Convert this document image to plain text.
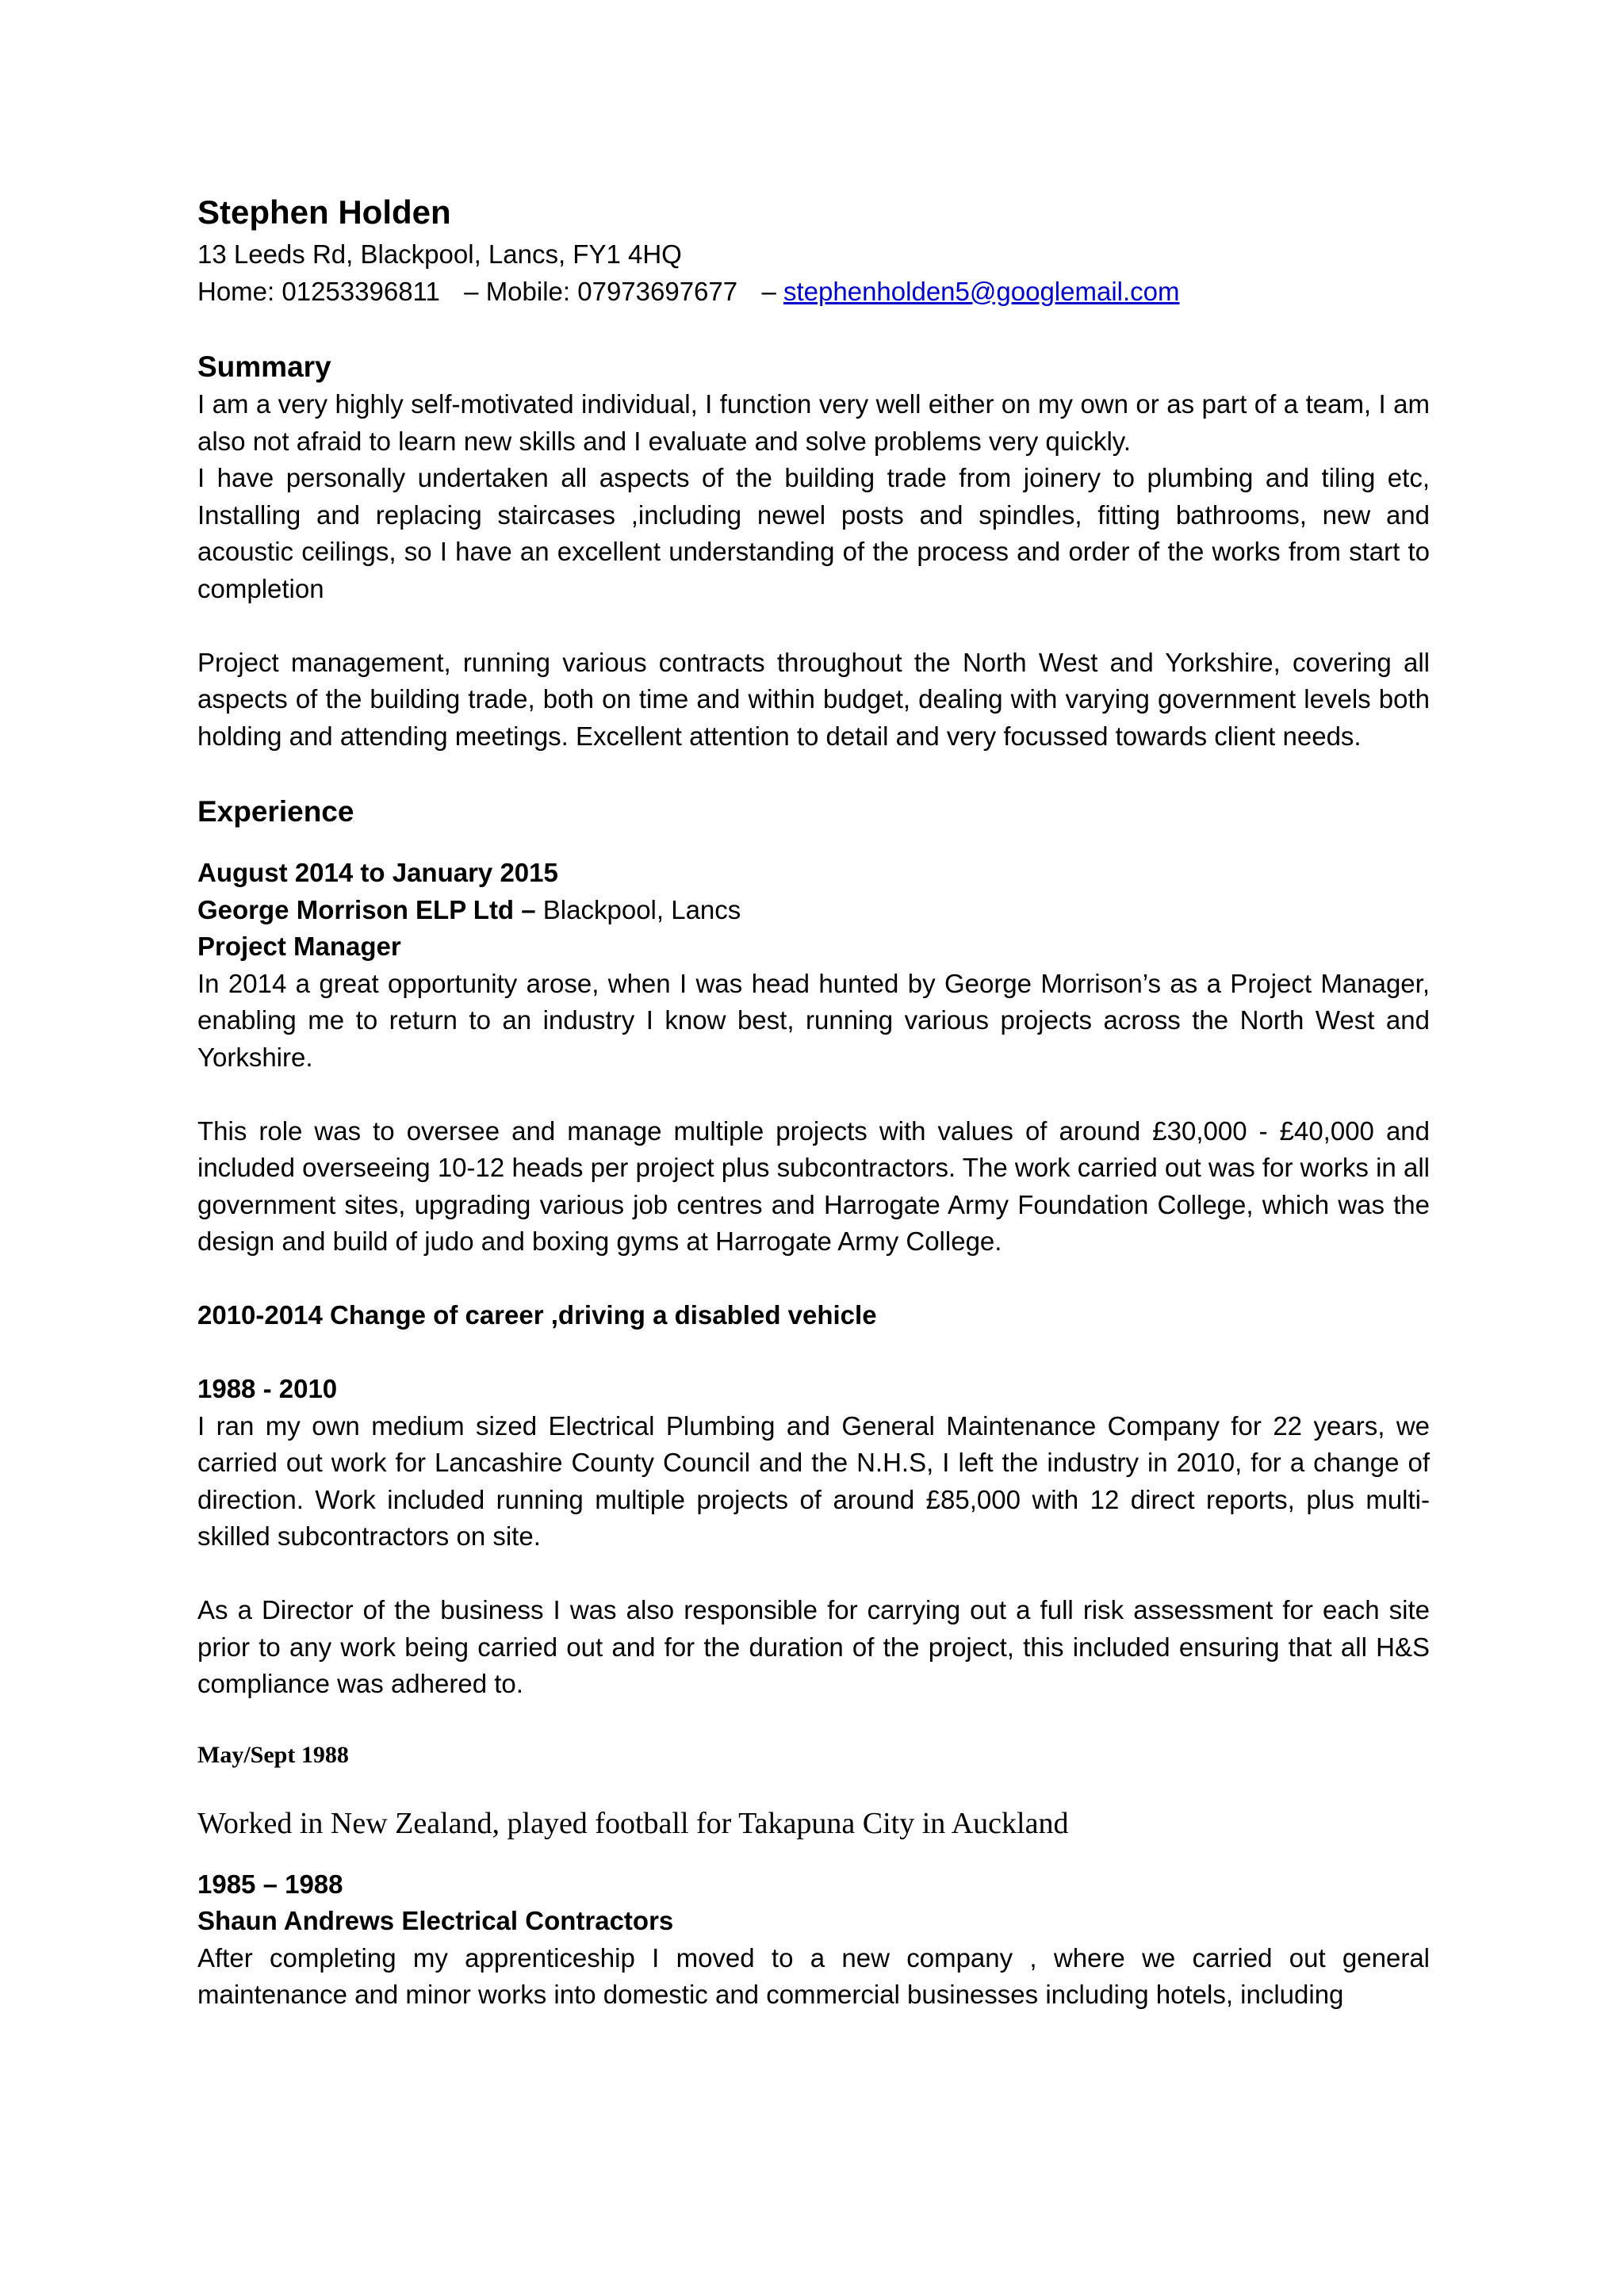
Stephen Holden
13 Leeds Rd, Blackpool, Lancs, FY1 4HQ
Home: 01253396811 – Mobile: 07973697677 – stephenholden5@googlemail.com
Summary
I am a very highly self-motivated individual, I function very well either on my own or as part of a team, I am also not afraid to learn new skills and I evaluate and solve problems very quickly.
I have personally undertaken all aspects of the building trade from joinery to plumbing and tiling etc, Installing and replacing staircases ,including newel posts and spindles, fitting bathrooms, new and acoustic ceilings, so I have an excellent understanding of the process and order of the works from start to completion
Project management, running various contracts throughout the North West and Yorkshire, covering all aspects of the building trade, both on time and within budget, dealing with varying government levels both holding and attending meetings. Excellent attention to detail and very focussed towards client needs.
Experience
August 2014 to January 2015
George Morrison ELP Ltd – Blackpool, Lancs
Project Manager
In 2014 a great opportunity arose, when I was head hunted by George Morrison’s as a Project Manager, enabling me to return to an industry I know best, running various projects across the North West and Yorkshire.
This role was to oversee and manage multiple projects with values of around £30,000 - £40,000 and included overseeing 10-12 heads per project plus subcontractors. The work carried out was for works in all government sites, upgrading various job centres and Harrogate Army Foundation College, which was the design and build of judo and boxing gyms at Harrogate Army College.
2010-2014 Change of career ,driving a disabled vehicle
1988 - 2010
I ran my own medium sized Electrical Plumbing and General Maintenance Company for 22 years, we carried out work for Lancashire County Council and the N.H.S, I left the industry in 2010, for a change of direction. Work included running multiple projects of around £85,000 with 12 direct reports, plus multi-skilled subcontractors on site.
As a Director of the business I was also responsible for carrying out a full risk assessment for each site prior to any work being carried out and for the duration of the project, this included ensuring that all H&S compliance was adhered to.
May/Sept 1988
Worked in New Zealand, played football for Takapuna City in Auckland
1985 – 1988
Shaun Andrews Electrical Contractors
After completing my apprenticeship I moved to a new company , where we carried out general maintenance and minor works into domestic and commercial businesses including hotels, including
